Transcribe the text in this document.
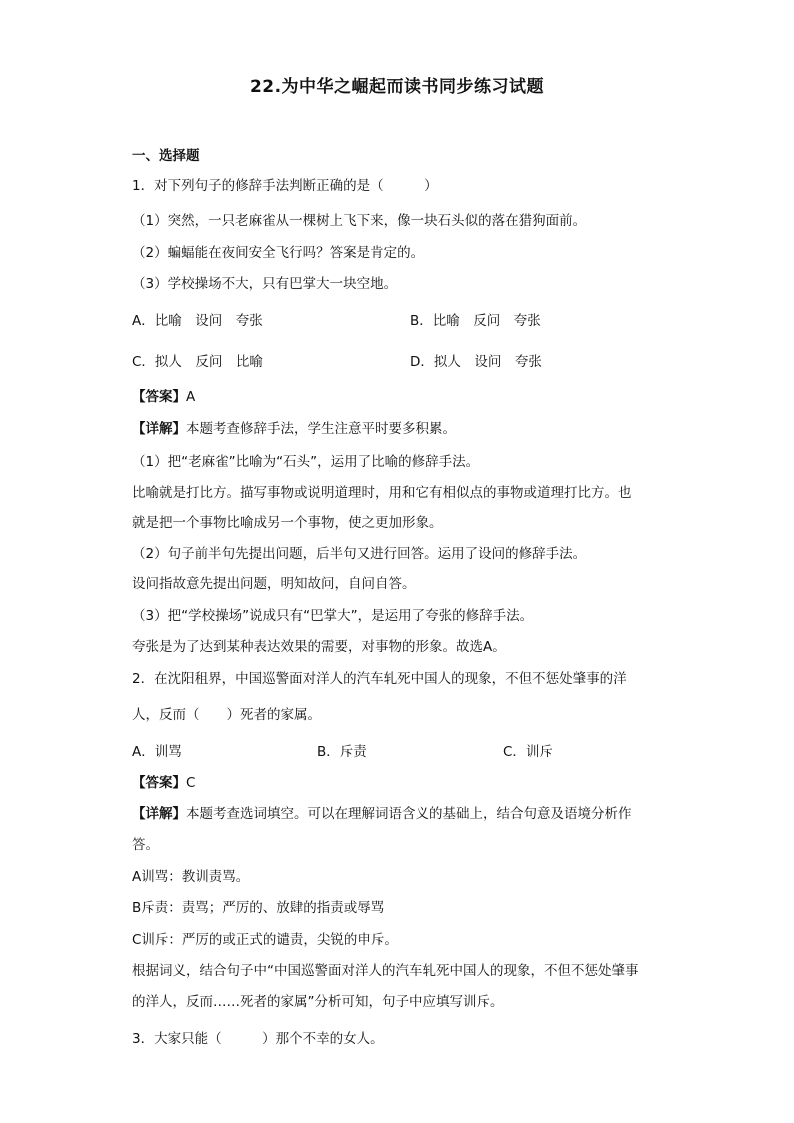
22.为中华之崛起而读书同步练习试题
一、选择题
1．对下列句子的修辞手法判断正确的是（　　　）
（1）突然，一只老麻雀从一棵树上飞下来，像一块石头似的落在猎狗面前。
（2）蝙蝠能在夜间安全飞行吗？答案是肯定的。
（3）学校操场不大，只有巴掌大一块空地。
A．比喻　设问　夸张	B．比喻　反问　夸张
C．拟人　反问　比喻	D．拟人　设问　夸张
【答案】A
【详解】本题考查修辞手法，学生注意平时要多积累。
（1）把“老麻雀”比喻为“石头”，运用了比喻的修辞手法。
比喻就是打比方。描写事物或说明道理时，用和它有相似点的事物或道理打比方。也
就是把一个事物比喻成另一个事物，使之更加形象。
（2）句子前半句先提出问题，后半句又进行回答。运用了设问的修辞手法。
设问指故意先提出问题，明知故问，自问自答。
（3）把“学校操场”说成只有“巴掌大”，是运用了夸张的修辞手法。
夸张是为了达到某种表达效果的需要，对事物的形象。故选A。
2．在沈阳租界，中国巡警面对洋人的汽车轧死中国人的现象，不但不惩处肇事的洋
人，反而（　　）死者的家属。
A．训骂	B．斥责	C．训斥
【答案】C
【详解】本题考查选词填空。可以在理解词语含义的基础上，结合句意及语境分析作
答。
A训骂：教训责骂。
B斥责：责骂；严厉的、放肆的指责或辱骂
C训斥：严厉的或正式的谴责，尖锐的申斥。
根据词义，结合句子中“中国巡警面对洋人的汽车轧死中国人的现象，不但不惩处肇事
的洋人，反而……死者的家属”分析可知，句子中应填写训斥。
3．大家只能（　　　）那个不幸的女人。
